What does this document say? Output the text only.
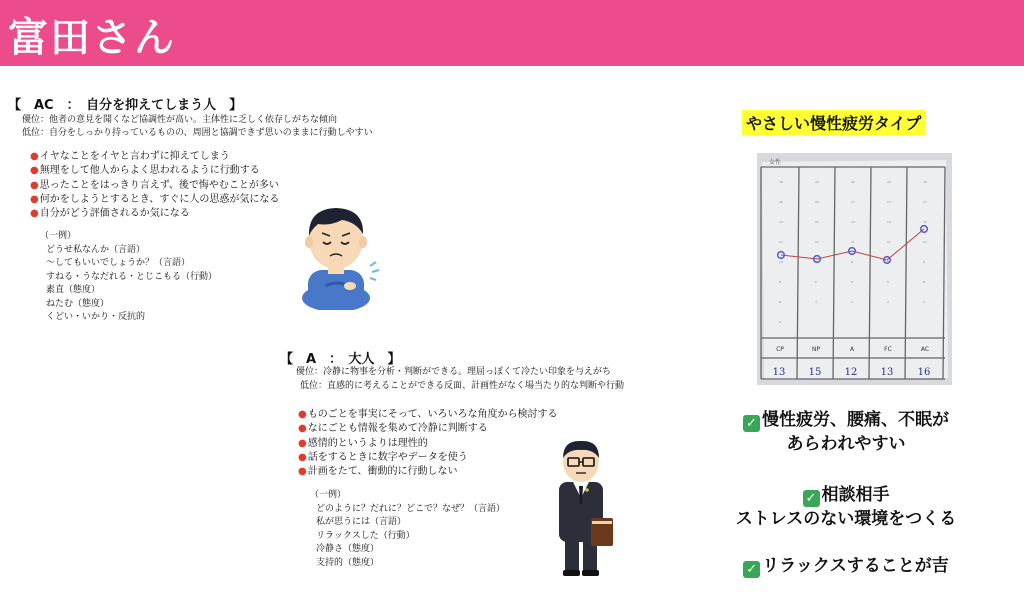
富田さん
【　AC　：　自分を抑えてしまう人　】
優位：他者の意見を聞くなど協調性が高い。主体性に乏しく依存しがちな傾向
低位：自分をしっかり持っているものの、周囲と協調できず思いのままに行動しやすい
●イヤなことをイヤと言わずに抑えてしまう
●無理をして他人からよく思われるように行動する
●思ったことをはっきり言えず、後で悔やむことが多い
●何かをしようとするとき、すぐに人の思惑が気になる
●自分がどう評価されるか気になる
（一例）
どうせ私なんか（言語）
～してもいいでしょうか？（言語）
すねる・うなだれる・とじこもる（行動）
素直（態度）
ねたむ（態度）
くどい・いかり・反抗的
【　A　：　大人　】
優位：冷静に物事を分析・判断ができる。理屈っぽくて冷たい印象を与えがち
低位：直感的に考えることができる反面、計画性がなく場当たり的な判断や行動
●ものごとを事実にそって、いろいろな角度から検討する
●なにごとも情報を集めて冷静に判断する
●感情的というよりは理性的
●話をするときに数字やデータを使う
●計画をたて、衝動的に行動しない
（一例）
どのように？だれに？どこで？なぜ？（言語）
私が思うには（言語）
リラックスした（行動）
冷静さ（態度）
支持的（態度）
やさしい慢性疲労タイプ
女性
18
16
14
12
10
8
6
4
20
18
15
12
9
6
3
20
17
14
11
8
5
2
20
17
14
11
8
5
2
19
17
15
12
9
6
3
CP	NP	A	FC	AC
13 15 12 13 16
✓ 慢性疲労、腰痛、不眠が
あらわれやすい
✓ 相談相手
ストレスのない環境をつくる
✓ リラックスすることが吉
